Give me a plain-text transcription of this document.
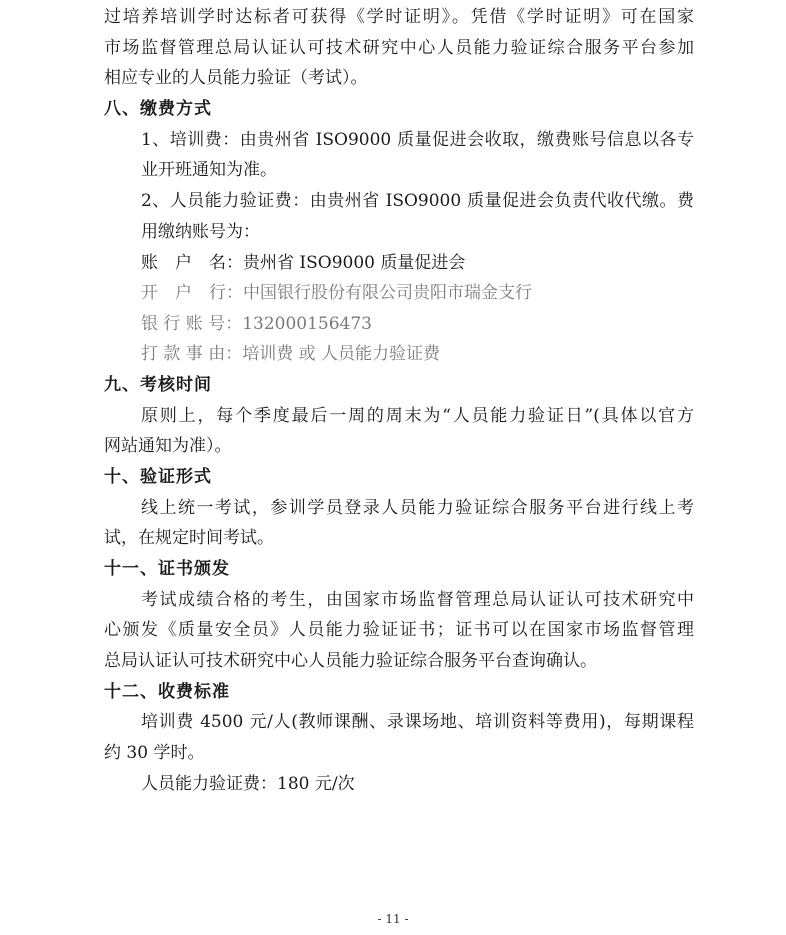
过培养培训学时达标者可获得《学时证明》。凭借《学时证明》可在国家
市场监督管理总局认证认可技术研究中心人员能力验证综合服务平台参加
相应专业的人员能力验证（考试）。
八、缴费方式
1、培训费：由贵州省 ISO9000 质量促进会收取，缴费账号信息以各专
业开班通知为准。
2、人员能力验证费：由贵州省 ISO9000 质量促进会负责代收代缴。费
用缴纳账号为：
账　户　名：贵州省 ISO9000 质量促进会
开　户　行：中国银行股份有限公司贵阳市瑞金支行
银 行 账 号：132000156473
打 款 事 由：培训费 或 人员能力验证费
九、考核时间
原则上，每个季度最后一周的周末为“人员能力验证日”(具体以官方
网站通知为准）。
十、验证形式
线上统一考试，参训学员登录人员能力验证综合服务平台进行线上考
试，在规定时间考试。
十一、证书颁发
考试成绩合格的考生，由国家市场监督管理总局认证认可技术研究中
心颁发《质量安全员》人员能力验证证书；证书可以在国家市场监督管理
总局认证认可技术研究中心人员能力验证综合服务平台查询确认。
十二、收费标准
培训费 4500 元/人(教师课酬、录课场地、培训资料等费用)，每期课程
约 30 学时。
人员能力验证费：180 元/次
- 11 -
